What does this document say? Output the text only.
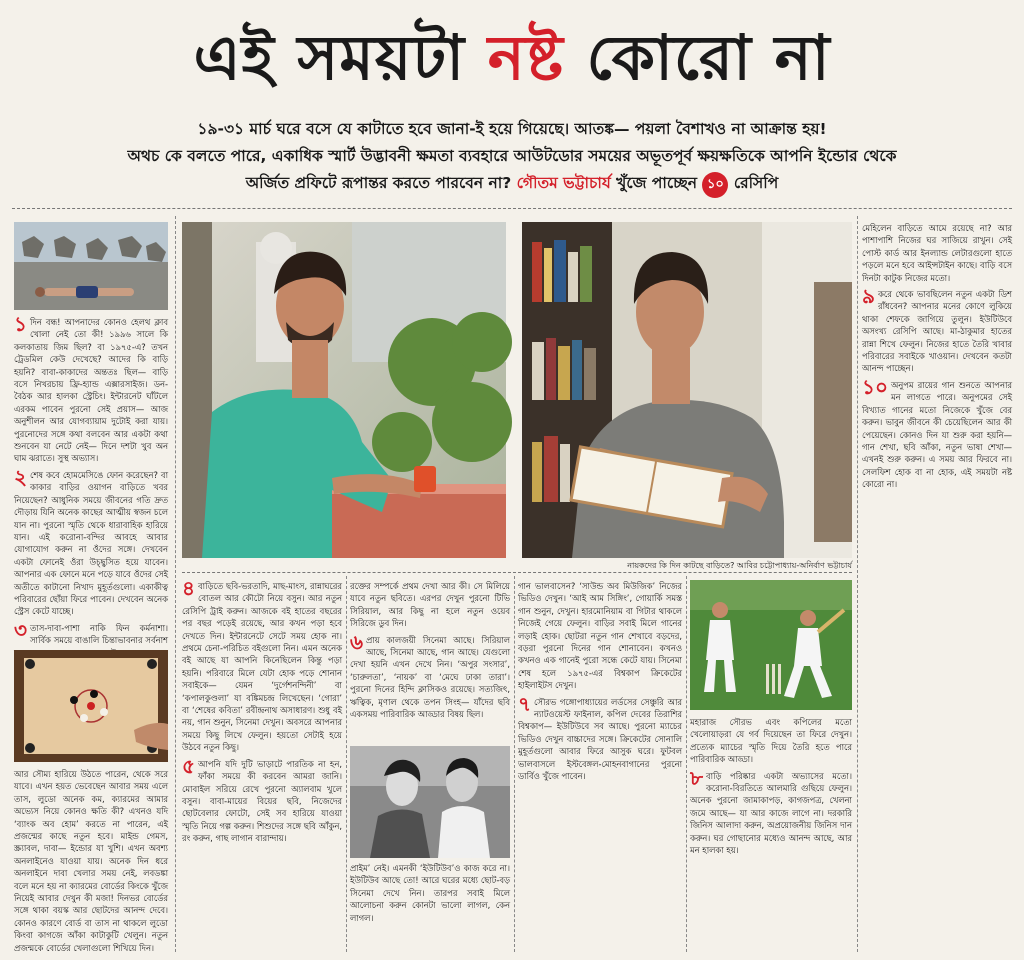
এই সময়টা নষ্ট কোরো না
১৯-৩১ মার্চ ঘরে বসে যে কাটাতে হবে জানা-ই হয়ে গিয়েছে। আতঙ্ক— পয়লা বৈশাখও না আক্রান্ত হয়!
অথচ কে বলতে পারে, একাধিক স্মার্ট উদ্ভাবনী ক্ষমতা ব্যবহারে আউটডোর সময়ের অভূতপূর্ব ক্ষয়ক্ষতিকে আপনি ইন্ডোর থেকে
অর্জিত প্রফিটে রূপান্তর করতে পারবেন না? গৌতম ভট্টাচার্য খুঁজে পাচ্ছেন ১০ রেসিপি

১ দিন বন্ধ! আপনাদের কোনও হেলথ ক্লাব খোলা নেই তো কী! ১৯৯৬ সালে কি কলকাতায় জিম ছিল? বা ১৯৭৫-এ? তখন ট্রেডমিল কেউ দেখেছে? আদের কি বাড়ি হয়নি? বাবা-কাকাদের অন্ততঃ ছিল— বাড়ি বসে নিখরচায় ফ্রি-হ্যান্ড এক্সারসাইজ। ডন-বৈঠক আর হালকা স্ট্রেচিং। ইন্টারনেট ঘাঁটলে এরকম পাবেন পুরনো সেই প্রয়াস— আজ অনুশীলন আর যোগব্যায়াম দুটোই করা যায়। পুরনোদের সঙ্গে কথা বলবেন আর একটা কথা শুনবেন যা নেটে নেই— দিনে দশটা খুব অন ঘাম ঝরাতে। সুস্থ অভ্যাস।

২ শেষ কবে হোমমেসিঙে ফোন করেছেন? বা কাকার বাড়ির ওয়াগন বাড়িতে খবর নিয়েছেন? আধুনিক সময়ে জীবনের গতি দ্রুত দৌড়ায় যিনি অনেক কাছের আত্মীয় স্বজন চলে যান না। পুরনো স্মৃতি থেকে ধারাবাহিক হারিয়ে যান। এই করোনা-বন্দির আবহে আবার যোগাযোগ করুন না ওঁদের সঙ্গে। দেখবেন একটা ফোনেই ওঁরা উচ্ছ্বসিত হয়ে যাবেন। আপনার এক ফোনে মনে পড়ে যাবে ওঁদের সেই অতীতে কাটানো নিখাদ মুহূর্তগুলো। একাকীত্ব পরিবারের ছোঁয়া ফিরে পাবেন। দেখবেন অনেক স্ট্রেস কেটে যাচ্ছে।

৩ তাস-দাবা-পাশা নাকি ফিন কর্মনাশা। সার্বিক সময়ে বাঙালি চিন্তাভাবনার সর্বনাশ

নায়কদের কি দিন কাটছে বাড়িতে? আবির চট্টোপাধ্যায়-অনির্বাণ ভট্টাচার্য

মেহিলেন বাড়িতে আমে রয়েছে না? আর পাশাপাশি নিজের ঘর সাজিয়ে রাখুন। সেই পোস্ট কার্ড আর ইনল্যান্ড লেটারগুলো হাতে পড়লে মনে হবে আইন্সটাইন কাছে। বাড়ি বসে দিনটা কাটুক নিজের মতো।

৯ করে থেকে ভাবছিলেন নতুন একটা ডিশ রাঁধবেন? আপনার মনের কোণে লুকিয়ে থাকা শেফকে জাগিয়ে তুলুন। ইউটিউবে অসংখ্য রেসিপি আছে। মা-ঠাকুমার হাতের রান্না শিখে ফেলুন। নিজের হাতে তৈরি খাবার পরিবারের সবাইকে খাওয়ান। দেখবেন কতটা আনন্দ পাচ্ছেন।

১০ অনুপম রায়ের গান শুনতে আপনার মন লাগতে পারে। অনুপমের সেই বিখ্যাত গানের মতো নিজেকে খুঁজে বের করুন। ভাবুন জীবনে কী চেয়েছিলেন আর কী পেয়েছেন। কোনও দিন যা শুরু করা হয়নি— গান শেখা, ছবি আঁকা, নতুন ভাষা শেখা— এখনই শুরু করুন। এ সময় আর ফিরবে না। সেলফিশ হোক বা না হোক, এই সময়টা নষ্ট কোরো না।

আর সৌম্য হারিয়ে উঠতে পারেন, থেকে সরে যাবে। এখন হয়ত ভেবেছেন আবার সময় এলে তাস, লুডো অনেক কম, ক্যারমের আমার অভ্যেস নিয়ে কোনও ক্ষতি কী? এখনও যদি ‘ব্যাংক অব হোম’ করতে না পারেন, এই প্রজন্মের কাছে নতুন হবে। মাইন্ড গেমস, স্ক্র্যাবল, দাবা— ইন্ডোর যা খুশি। এখন অবশ্য অনলাইনেও যাওয়া যায়। অনেক দিন ধরে অনলাইনে দাবা খেলার সময় নেই, লবডঙ্কা বলে মনে হয় না ক্যারমের বোর্ডের কিংকে খুঁজে নিয়েই আবার দেখুন কী মজা! দিনভর বোর্ডের সঙ্গে থাকা বয়স্ক আর ছোটদের আনন্দ দেবে। কোনও কারণে বোর্ড বা তাস না থাকলে লুডো কিংবা কাগজে আঁকা কাটাকুটি খেলুন। নতুন প্রজন্মকে বোর্ডের খেলাগুলো শিখিয়ে দিন।

৪ বাড়িতে ছবি-ভরতাদি, মাছ-মাংস, রান্নাঘরের বোতল আর কৌটো নিয়ে বসুন। আর নতুন রেসিপি ট্রাই করুন। আজকে বই হাতের বছরের পর বছর পড়েই রয়েছে, আর কখন পড়া হবে দেখতে দিন। ইন্টারনেটে সেটে সময় হোক না। প্রথমে চেনা-পরিচিত বইগুলো নিন। এমন অনেক বই আছে যা আপনি কিনেছিলেন কিন্তু পড়া হয়নি। পরিবারে মিলে যেটা হোক পড়ে শোনান সবাইকে— যেমন ‘দুর্গেশনন্দিনী’ বা ‘কপালকুণ্ডলা’ যা বঙ্কিমচন্দ্র লিখেছেন। ‘গোরা’ বা ‘শেষের কবিতা’ রবীন্দ্রনাথ অসাধারণ। শুধু বই নয়, গান শুনুন, সিনেমা দেখুন। অবসরে আপনার সময়ে কিছু লিখে ফেলুন। হয়তো সেটাই হয়ে উঠবে নতুন কিছু।

৫ আপনি যদি দুটি ভাড়াটে পারতিক না হন, ফাঁকা সময়ে কী করবেন আমরা জানি। মোবাইল সরিয়ে রেখে পুরনো অ্যালবাম খুলে বসুন। বাবা-মায়ের বিয়ের ছবি, নিজেদের ছোটবেলার ফোটো, সেই সব হারিয়ে যাওয়া স্মৃতি নিয়ে গল্প করুন। শিশুদের সঙ্গে ছবি আঁকুন, রং করুন, গাছ লাগান বারান্দায়।

রক্তের সম্পর্কে প্রথম দেখা আর কী। সে মিলিয়ে যাবে নতুন ছবিতে। এরপর দেখুন পুরনো টিভি সিরিয়াল, আর কিছু না হলে নতুন ওয়েব সিরিজে ডুব দিন।

৬ প্রায় কালজয়ী সিনেমা আছে। সিরিয়াল আছে, সিনেমা আছে, গান আছে। যেগুলো দেখা হয়নি এখন দেখে নিন। ‘অপুর সংসার’, ‘চারুলতা’, ‘নায়ক’ বা ‘মেঘে ঢাকা তারা’। পুরনো দিনের হিন্দি ক্লাসিকও রয়েছে। সত্যজিৎ, ঋত্বিক, মৃণাল থেকে তপন সিংহ— যাঁদের ছবি একসময় পারিবারিক আড্ডার বিষয় ছিল।

প্রাইম’ নেই। এমনকী ‘ইউটিউব’ও কাজ করে না। ইউটিউব আছে তো! আরে ঘরের মধ্যে ছোট-বড় সিনেমা দেখে নিন। তারপর সবাই মিলে আলোচনা করুন কোনটা ভালো লাগল, কেন লাগল।

গান ভালবাসেন? ‘সাউন্ড অব মিউজিক’ নিজের ভিডিও দেখুন। ‘আই আম সিঙ্গিং’, গোয়ার্কি সমস্ত গান শুনুন, দেখুন। হারমোনিয়াম বা গিটার থাকলে নিজেই গেয়ে ফেলুন। বাড়ির সবাই মিলে গানের লড়াই হোক। ছোটরা নতুন গান শেখাবে বড়দের, বড়রা পুরনো দিনের গান শোনাবেন। কখনও কখনও এক গানেই পুরো সন্ধে কেটে যায়। সিনেমা শেষ হলে ১৯৭৫-এর বিশ্বকাপ ক্রিকেটের হাইলাইটস দেখুন।

৭ সৌরভ গঙ্গোপাধ্যায়ের লর্ডসের সেঞ্চুরি আর ন্যাটওয়েস্ট ফাইনাল, কপিল দেবের তিরাশির বিশ্বকাপ— ইউটিউবে সব আছে। পুরনো ম্যাচের ভিডিও দেখুন বাচ্চাদের সঙ্গে। ক্রিকেটের সোনালি মুহূর্তগুলো আবার ফিরে আসুক ঘরে। ফুটবল ভালবাসলে ইস্টবেঙ্গল-মোহনবাগানের পুরনো ডার্বিও খুঁজে পাবেন।

মহারাজ সৌরভ এবং কপিলের মতো খেলোয়াড়রা যে গর্ব দিয়েছেন তা ফিরে দেখুন। প্রত্যেক ম্যাচের স্মৃতি দিয়ে তৈরি হতে পারে পারিবারিক আড্ডা।

৮ বাড়ি পরিষ্কার একটা অভ্যাসের মতো। করোনা-বিরতিতে আলমারি গুছিয়ে ফেলুন। অনেক পুরনো জামাকাপড়, কাগজপত্র, খেলনা জমে আছে— যা আর কাজে লাগে না। দরকারি জিনিস আলাদা করুন, অপ্রয়োজনীয় জিনিস দান করুন। ঘর গোছানোর মধ্যেও আনন্দ আছে, আর মন হালকা হয়।
